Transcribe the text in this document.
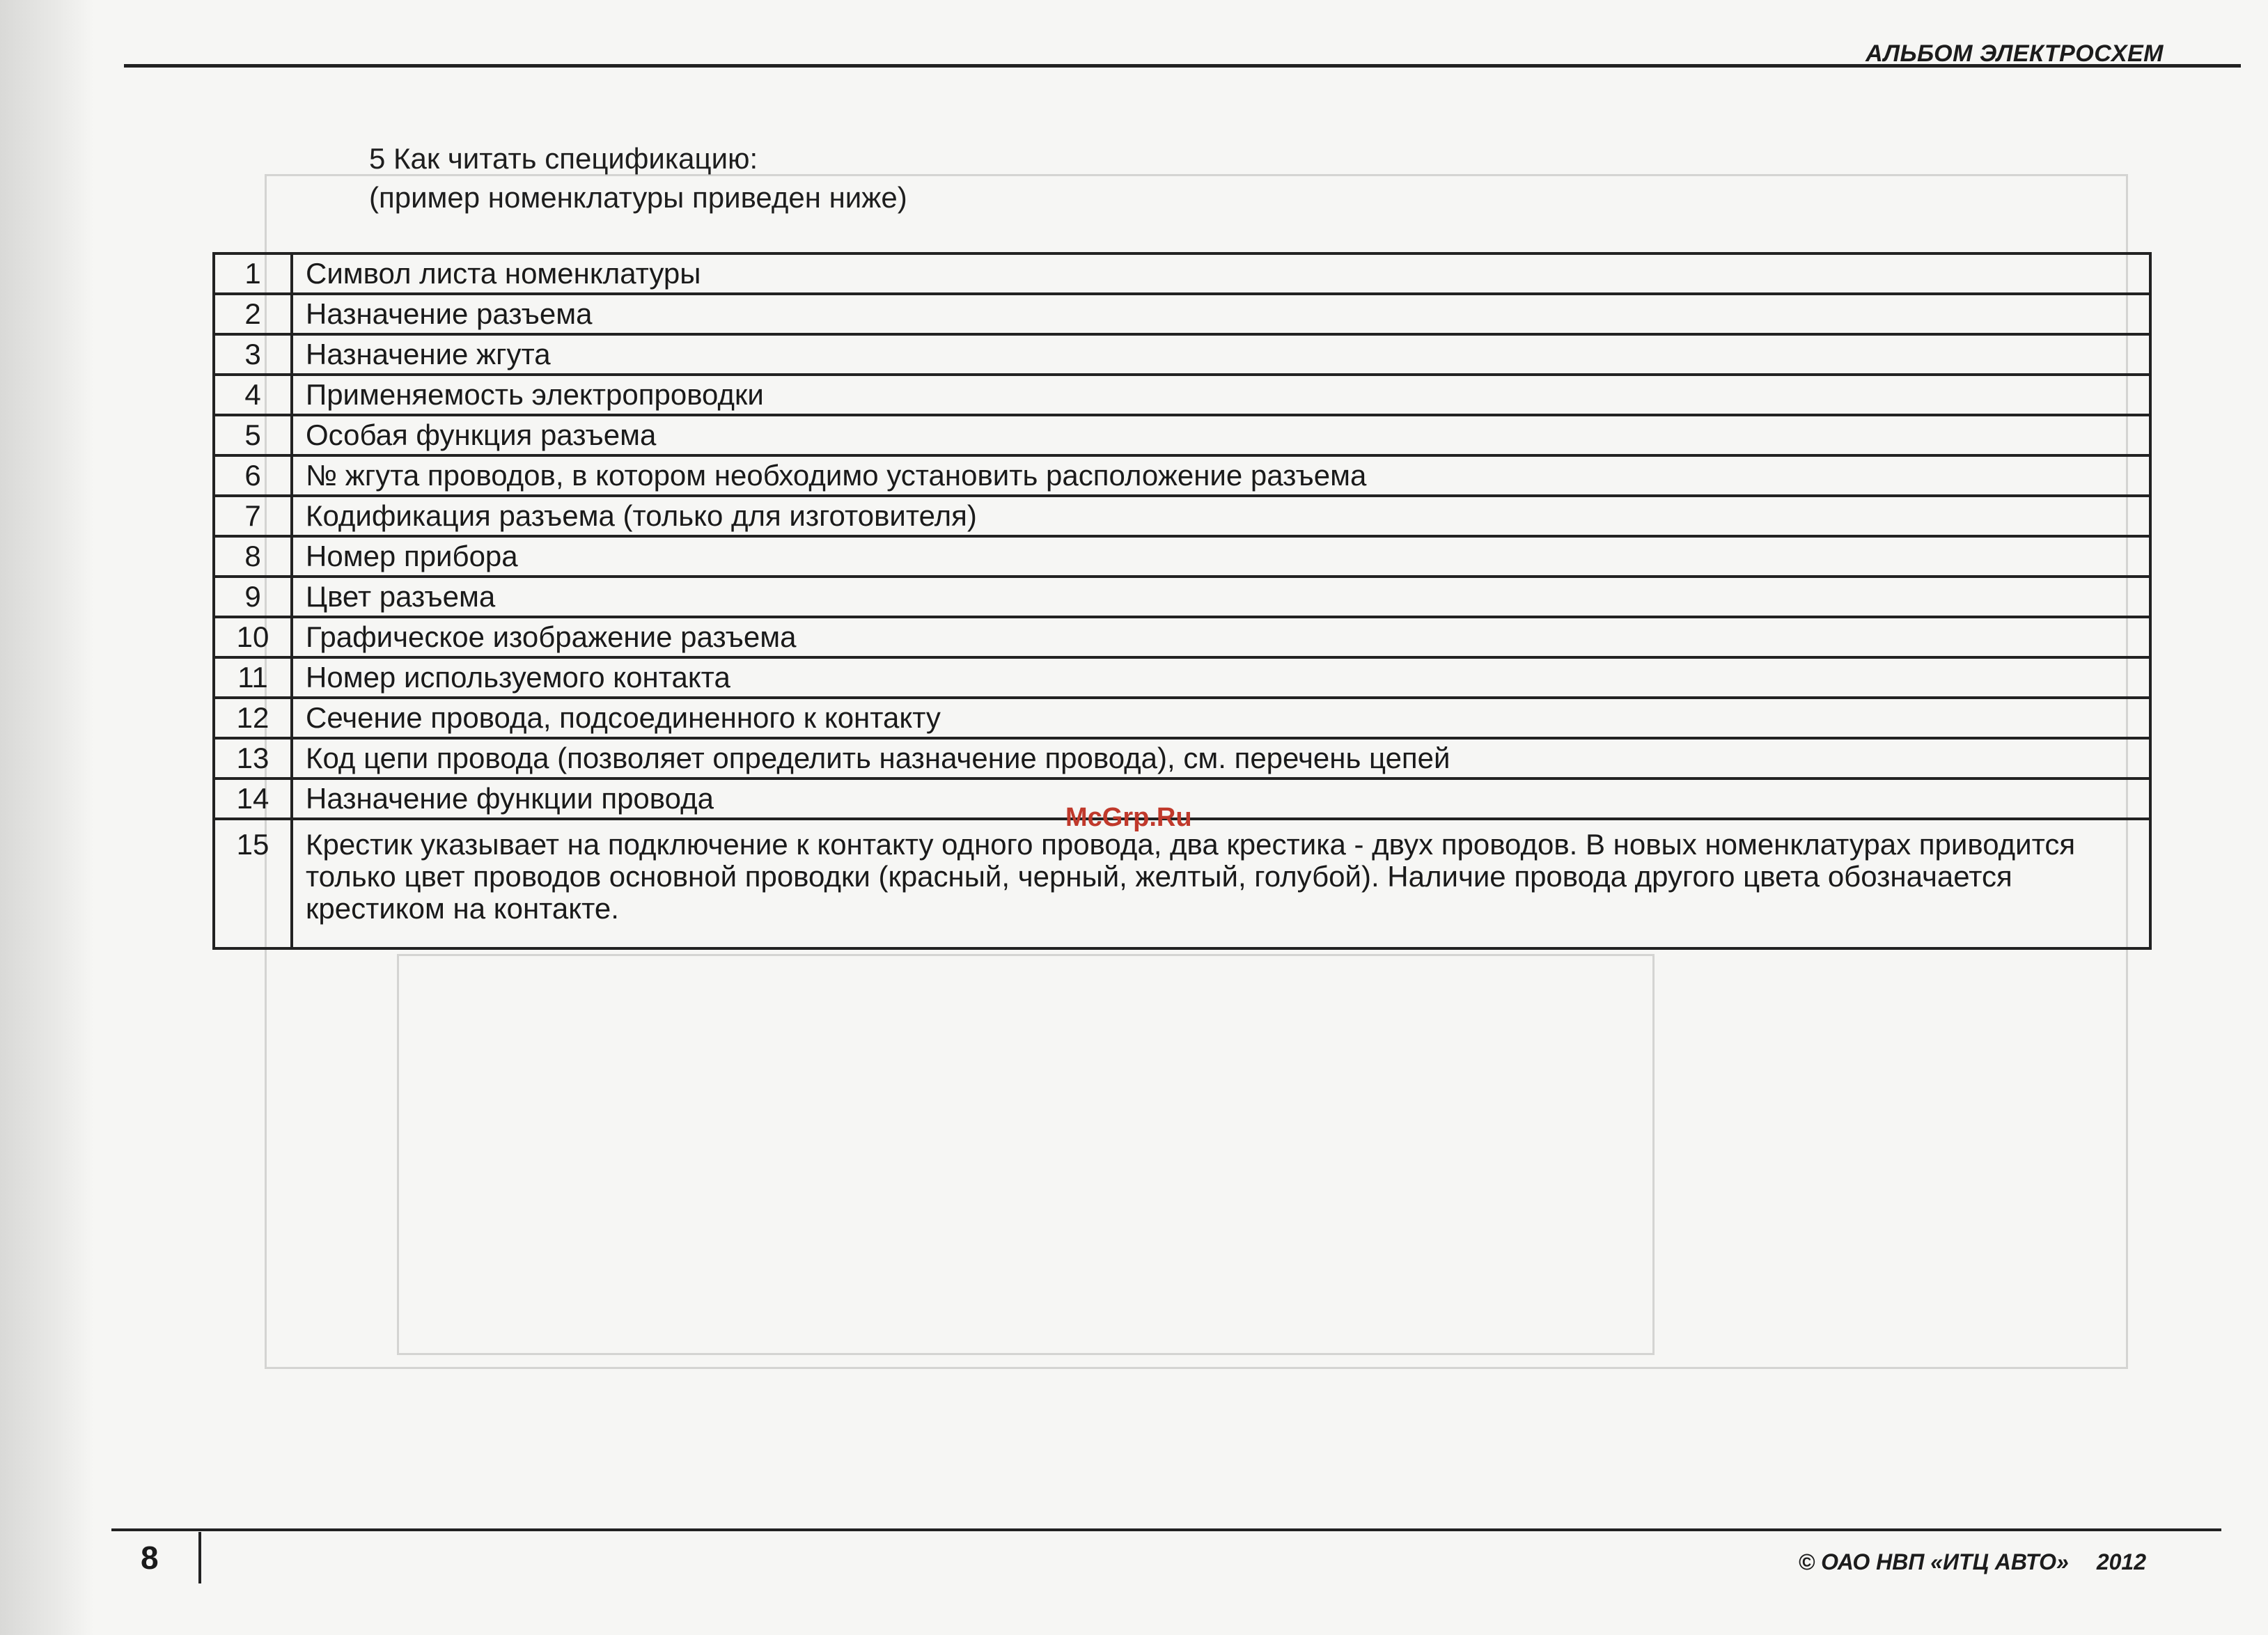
АЛЬБОМ ЭЛЕКТРОСХЕМ
5 Как читать спецификацию:
(пример номенклатуры приведен ниже)
1	Символ листа номенклатуры
2	Назначение разъема
3	Назначение жгута
4	Применяемость электропроводки
5	Особая функция разъема
6	№ жгута проводов, в котором необходимо установить расположение разъема
7	Кодификация разъема (только для изготовителя)
8	Номер прибора
9	Цвет разъема
10	Графическое изображение разъема
11	Номер используемого контакта
12	Сечение провода, подсоединенного к контакту
13	Код цепи провода (позволяет определить назначение провода), см. перечень цепей
14	Назначение функции провода
15	Крестик указывает на подключение к контакту одного провода, два крестика - двух проводов. В новых номенклатурах приводится только цвет проводов основной проводки (красный, черный, желтый, голубой). Наличие провода другого цвета обозначается крестиком на контакте.
McGrp.Ru
8	© ОАО НВП «ИТЦ АВТО» 2012
